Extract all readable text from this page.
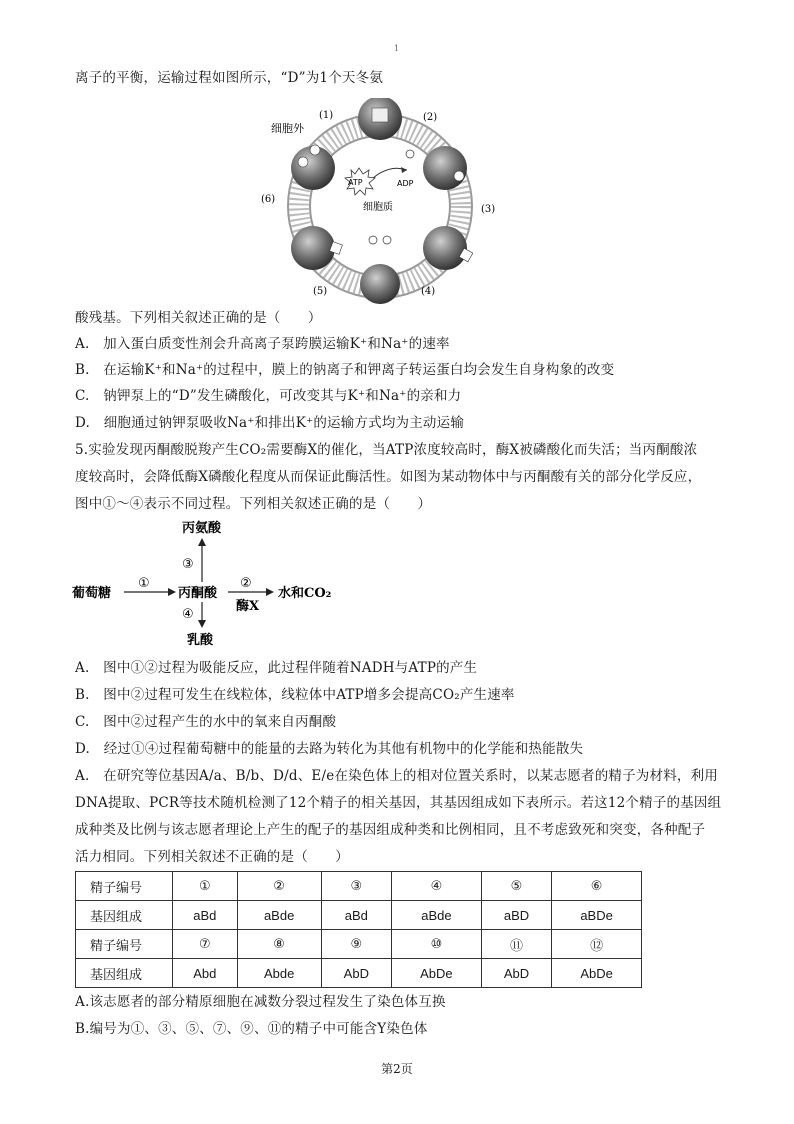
1
离子的平衡，运输过程如图所示，“D”为1个天冬氨
ATP	ADP
细胞外
细胞质
(1)	(2)
(3)
(4)
(5)
(6)
酸残基。下列相关叙述正确的是（　　）
A.　加入蛋白质变性剂会升高离子泵跨膜运输K⁺和Na⁺的速率
B.　在运输K⁺和Na⁺的过程中，膜上的钠离子和钾离子转运蛋白均会发生自身构象的改变
C.　钠钾泵上的“D”发生磷酸化，可改变其与K⁺和Na⁺的亲和力
D.　细胞通过钠钾泵吸收Na⁺和排出K⁺的运输方式均为主动运输
5.实验发现丙酮酸脱羧产生CO₂需要酶X的催化，当ATP浓度较高时，酶X被磷酸化而失活；当丙酮酸浓
度较高时，会降低酶X磷酸化程度从而保证此酶活性。如图为某动物体中与丙酮酸有关的部分化学反应，
图中①～④表示不同过程。下列相关叙述正确的是（　　）
葡萄糖	丙酮酸
丙氨酸
乳酸
水和CO₂
酶X
①	②
③
④
A.　图中①②过程为吸能反应，此过程伴随着NADH与ATP的产生
B.　图中②过程可发生在线粒体，线粒体中ATP增多会提高CO₂产生速率
C.　图中②过程产生的水中的氧来自丙酮酸
D.　经过①④过程葡萄糖中的能量的去路为转化为其他有机物中的化学能和热能散失
A.　在研究等位基因A/a、B/b、D/d、E/e在染色体上的相对位置关系时，以某志愿者的精子为材料，利用
DNA提取、PCR等技术随机检测了12个精子的相关基因，其基因组成如下表所示。若这12个精子的基因组
成种类及比例与该志愿者理论上产生的配子的基因组成种类和比例相同，且不考虑致死和突变，各种配子
活力相同。下列相关叙述不正确的是（　　）
精子编号	①	②	③	④	⑤	⑥
基因组成	aBd	aBde	aBd	aBde	aBD	aBDe
精子编号	⑦	⑧	⑨	⑩	⑪	⑫
基因组成	Abd	Abde	AbD	AbDe	AbD	AbDe
A.该志愿者的部分精原细胞在减数分裂过程发生了染色体互换
B.编号为①、③、⑤、⑦、⑨、⑪的精子中可能含Y染色体
第2页
